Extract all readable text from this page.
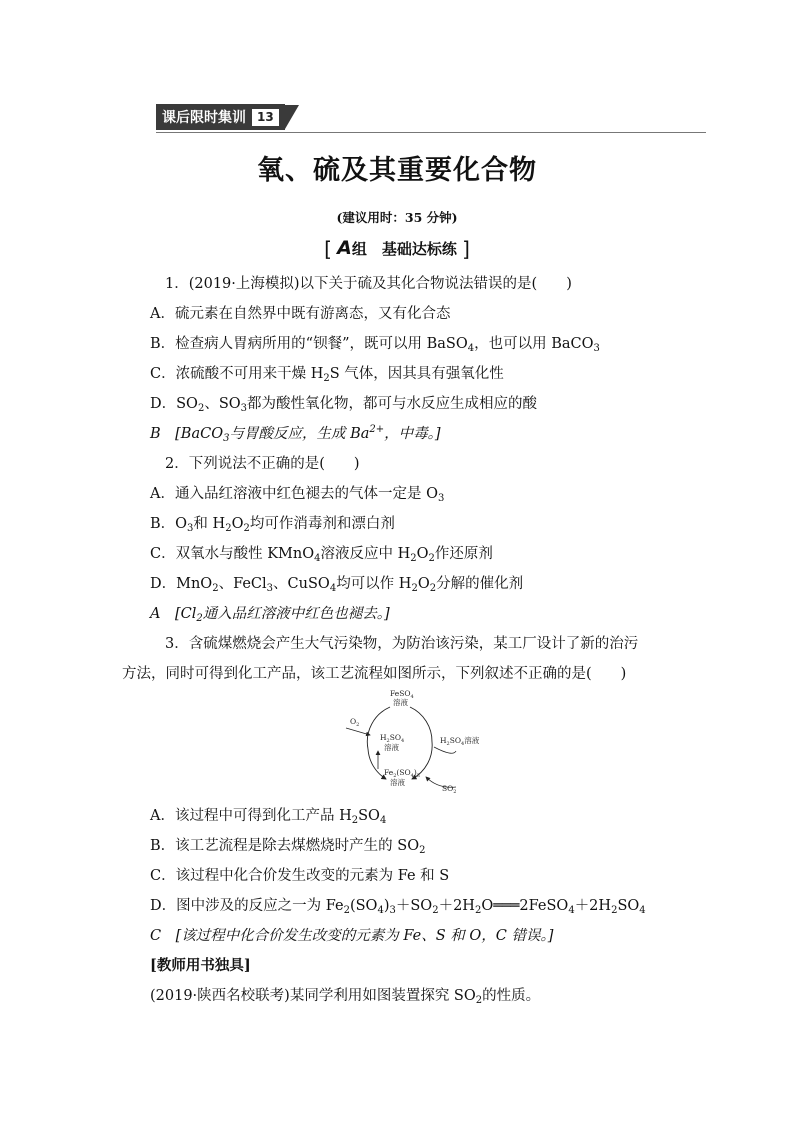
课后限时集训 13
氧、硫及其重要化合物
(建议用时：35 分钟)
[ A组　基础达标练 ]
1．(2019·上海模拟)以下关于硫及其化合物说法错误的是(　　)
A．硫元素在自然界中既有游离态，又有化合态
B．检查病人胃病所用的“钡餐”，既可以用 BaSO$_4$，也可以用 BaCO$_3$
C．浓硫酸不可用来干燥 $H_2S$ 气体，因其具有强氧化性
D．$SO_2$、$SO_3$都为酸性氧化物，都可与水反应生成相应的酸
B　[BaCO$_3$与胃酸反应，生成 $Ba^{2+}$，中毒。]
2．下列说法不正确的是(　　)
A．通入品红溶液中红色褪去的气体一定是 $O_3$
B．$O_3$和 $H_2O_2$均可作消毒剂和漂白剂
C．双氧水与酸性 KMnO$_4$溶液反应中 $H_2O_2$作还原剂
D．MnO$_2$、FeCl$_3$、CuSO$_4$均可以作 $H_2O_2$分解的催化剂
A　[$Cl_2$通入品红溶液中红色也褪去。]
3．含硫煤燃烧会产生大气污染物，为防治该污染，某工厂设计了新的治污
方法，同时可得到化工产品，该工艺流程如图所示，下列叙述不正确的是(　　)
FeSO$_4$
溶液
$O_2$
$H_2SO_4$
溶液
$H_2SO_4$溶液
$Fe_2(SO_4)_3$
溶液
$SO_2$
A．该过程中可得到化工产品 $H_2SO_4$
B．该工艺流程是除去煤燃烧时产生的 $SO_2$
C．该过程中化合价发生改变的元素为 Fe 和 S
D．图中涉及的反应之一为 $Fe_2(SO_4)_3+SO_2+2H_2O═══2FeSO_4+2H_2SO_4$
C　[该过程中化合价发生改变的元素为 Fe、S 和 O，C 错误。]
[教师用书独具]
(2019·陕西名校联考)某同学利用如图装置探究 $SO_2$的性质。
